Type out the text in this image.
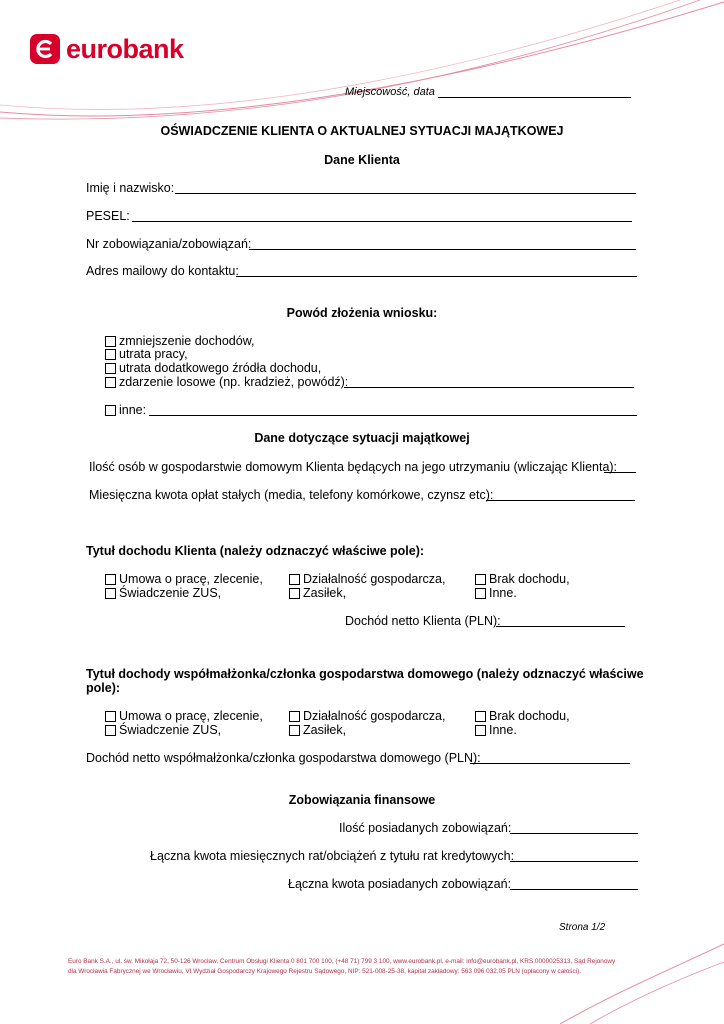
eurobank
Miejscowość, data
OŚWIADCZENIE KLIENTA O AKTUALNEJ SYTUACJI MAJĄTKOWEJ
Dane Klienta
Imię i nazwisko:
PESEL:
Nr zobowiązania/zobowiązań:
Adres mailowy do kontaktu:
Powód złożenia wniosku:
zmniejszenie dochodów,
utrata pracy,
utrata dodatkowego źródła dochodu,
zdarzenie losowe (np. kradzież, powódź):
inne:
Dane dotyczące sytuacji majątkowej
Ilość osób w gospodarstwie domowym Klienta będących na jego utrzymaniu (wliczając Klienta):
Miesięczna kwota opłat stałych (media, telefony komórkowe, czynsz etc):
Tytuł dochodu Klienta (należy odznaczyć właściwe pole):
Umowa o pracę, zlecenie,
Świadczenie ZUS,
Działalność gospodarcza,
Zasiłek,
Brak dochodu,
Inne.
Dochód netto Klienta (PLN):
Tytuł dochody współmałżonka/członka gospodarstwa domowego (należy odznaczyć właściwe
pole):
Umowa o pracę, zlecenie,
Świadczenie ZUS,
Działalność gospodarcza,
Zasiłek,
Brak dochodu,
Inne.
Dochód netto współmałżonka/członka gospodarstwa domowego (PLN):
Zobowiązania finansowe
Ilość posiadanych zobowiązań:
Łączna kwota miesięcznych rat/obciążeń z tytułu rat kredytowych:
Łączna kwota posiadanych zobowiązań:
Strona 1/2
Euro Bank S.A., ul. św. Mikołaja 72, 50-126 Wrocław, Centrum Obsługi Klienta 0 801 700 100, (+48 71) 799 3 100, www.eurobank.pl, e-mail: info@eurobank.pl, KRS 0000025313, Sąd Rejonowy
dla Wrocławia Fabrycznej we Wrocławiu, VI Wydział Gospodarczy Krajowego Rejestru Sądowego, NIP: 521-008-25-38, kapitał zakładowy: 563 096 032,05 PLN (opłacony w całości).
